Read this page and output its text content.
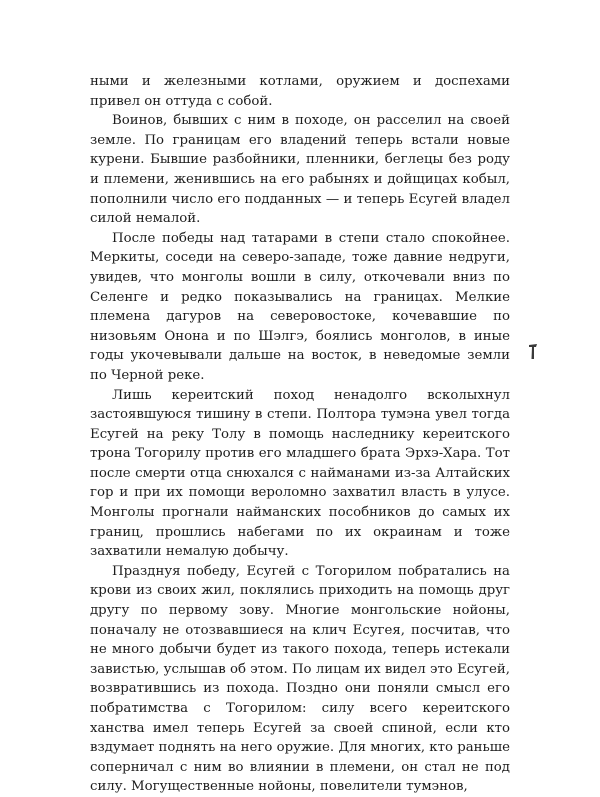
ными и железными котлами, оружием и доспехами привел он оттуда с собой.

Воинов, бывших с ним в походе, он расселил на своей земле. По границам его владений теперь встали новые курени. Бывшие разбойники, пленники, беглецы без роду и племени, женившись на его рабынях и дойщицах кобыл, пополнили число его подданных — и теперь Есугей владел силой немалой.

После победы над татарами в степи стало спокойнее. Меркиты, соседи на северо-западе, тоже давние недруги, увидев, что монголы вошли в силу, откочевали вниз по Селенге и редко показывались на границах. Мелкие племена дагуров на северовостоке, кочевавшие по низовьям Онона и по Шэлгэ, боялись монголов, в иные годы укочевывали дальше на восток, в неведомые земли по Черной реке.

Лишь кереитский поход ненадолго всколыхнул застоявшуюся тишину в степи. Полтора тумэна увел тогда Есугей на реку Толу в помощь наследнику кереитского трона Тогорилу против его младшего брата Эрхэ-Хара. Тот после смерти отца снюхался с найманами из-за Алтайских гор и при их помощи вероломно захватил власть в улусе. Монголы прогнали найманских пособников до самых их границ, прошлись набегами по их окраинам и тоже захватили немалую добычу.

Празднуя победу, Есугей с Тогорилом побратались на крови из своих жил, поклялись приходить на помощь друг другу по первому зову. Многие монгольские нойоны, поначалу не отозвавшиеся на клич Есугея, посчитав, что не много добычи будет из такого похода, теперь истекали завистью, услышав об этом. По лицам их видел это Есугей, возвратившись из похода. Поздно они поняли смысл его побратимства с Тогорилом: силу всего кереитского ханства имел теперь Есугей за своей спиной, если кто вздумает поднять на него оружие. Для многих, кто раньше соперничал с ним во влиянии в племени, он стал не под силу. Могущественные нойоны, повелители тумэнов,
